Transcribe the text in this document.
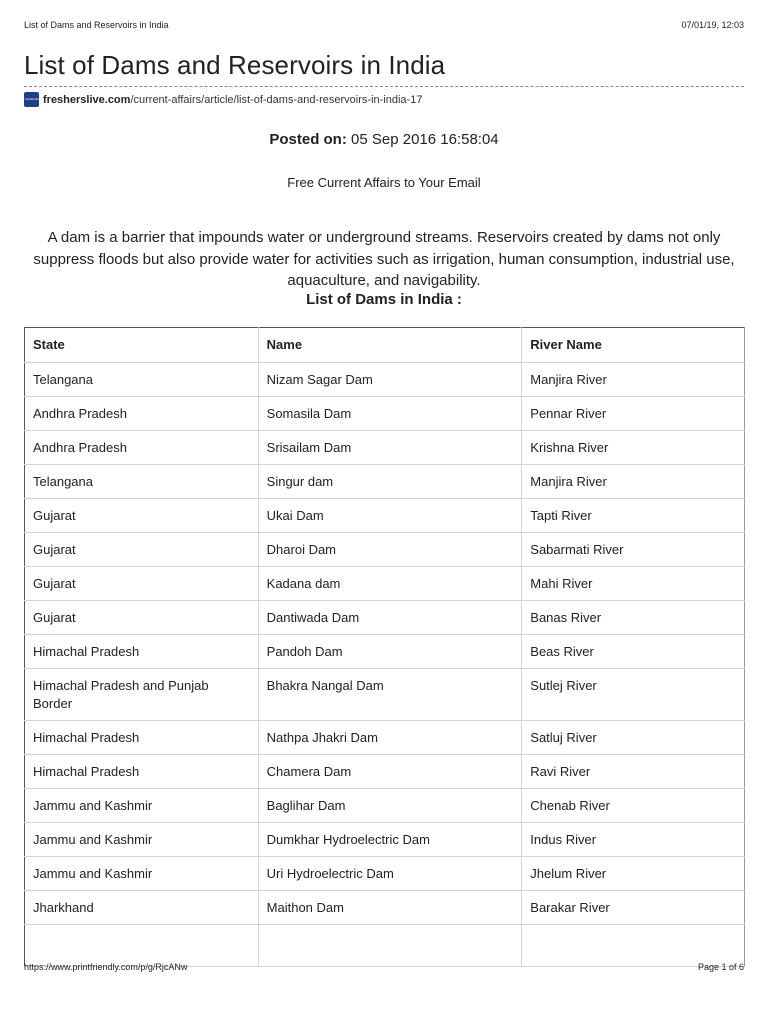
List of Dams and Reservoirs in India	07/01/19, 12:03
List of Dams and Reservoirs in India
fresherslive fresherslive.com /current-affairs/article/list-of-dams-and-reservoirs-in-india-17
Posted on: 05 Sep 2016 16:58:04
Free Current Affairs to Your Email

A dam is a barrier that impounds water or underground streams. Reservoirs created by dams not only suppress floods but also provide water for activities such as irrigation, human consumption, industrial use, aquaculture, and navigability.

List of Dams in India :
State	Name	River Name
Telangana	Nizam Sagar Dam	Manjira River
Andhra Pradesh	Somasila Dam	Pennar River
Andhra Pradesh	Srisailam Dam	Krishna River
Telangana	Singur dam	Manjira River
Gujarat	Ukai Dam	Tapti River
Gujarat	Dharoi Dam	Sabarmati River
Gujarat	Kadana dam	Mahi River
Gujarat	Dantiwada Dam	Banas River
Himachal Pradesh	Pandoh Dam	Beas River
Himachal Pradesh and Punjab Border	Bhakra Nangal Dam	Sutlej River
Himachal Pradesh	Nathpa Jhakri Dam	Satluj River
Himachal Pradesh	Chamera Dam	Ravi River
Jammu and Kashmir	Baglihar Dam	Chenab River
Jammu and Kashmir	Dumkhar Hydroelectric Dam	Indus River
Jammu and Kashmir	Uri Hydroelectric Dam	Jhelum River
Jharkhand	Maithon Dam	Barakar River

https://www.printfriendly.com/p/g/RjcANw	Page 1 of 6
